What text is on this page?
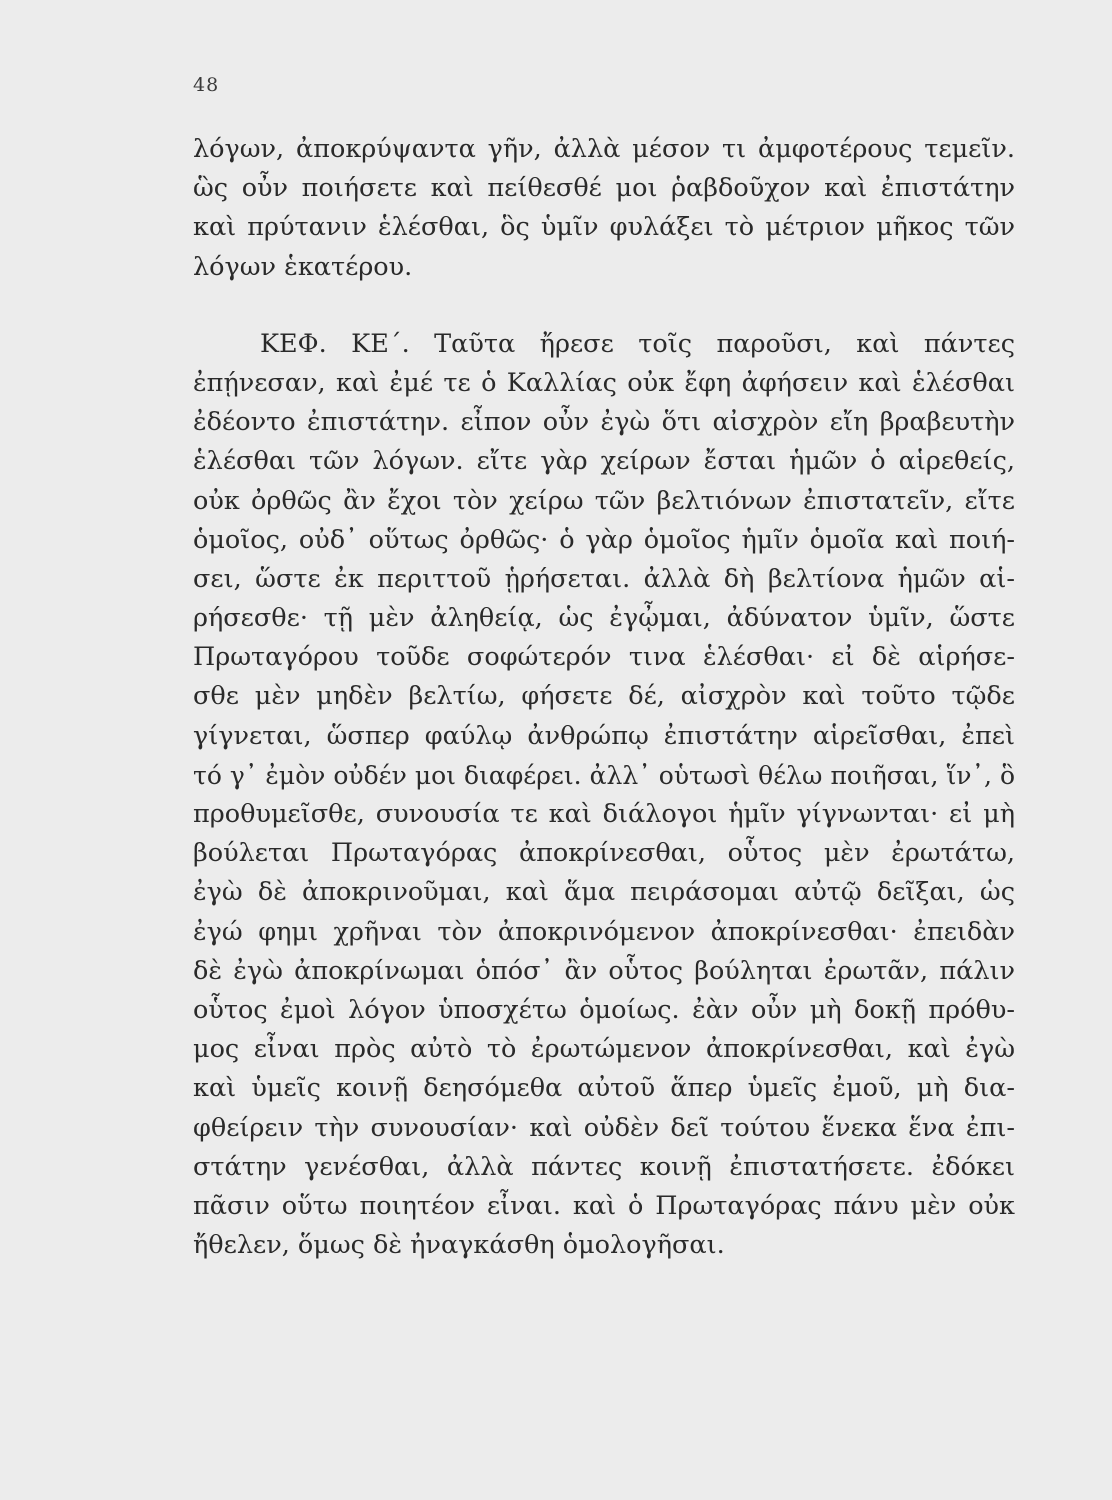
48
λόγων, ἀποκρύψαντα γῆν, ἀλλὰ μέσον τι ἀμφοτέρους τεμεῖν.
ὣς οὖν ποιήσετε καὶ πείθεσθέ μοι ῥαβδοῦχον καὶ ἐπιστάτην
καὶ πρύτανιν ἑλέσθαι, ὃς ὑμῖν φυλάξει τὸ μέτριον μῆκος τῶν
λόγων ἑκατέρου.
ΚΕΦ. ΚΕ΄. Ταῦτα ἤρεσε τοῖς παροῦσι, καὶ πάντες
ἐπῄνεσαν, καὶ ἐμέ τε ὁ Καλλίας οὐκ ἔφη ἀφήσειν καὶ ἑλέσθαι
ἐδέοντο ἐπιστάτην. εἶπον οὖν ἐγὼ ὅτι αἰσχρὸν εἴη βραβευτὴν
ἑλέσθαι τῶν λόγων. εἴτε γὰρ χείρων ἔσται ἡμῶν ὁ αἱρεθείς,
οὐκ ὀρθῶς ἂν ἔχοι τὸν χείρω τῶν βελτιόνων ἐπιστατεῖν, εἴτε
ὁμοῖος, οὐδ᾽ οὕτως ὀρθῶς· ὁ γὰρ ὁμοῖος ἡμῖν ὁμοῖα καὶ ποιή-
σει, ὥστε ἐκ περιττοῦ ᾑρήσεται. ἀλλὰ δὴ βελτίονα ἡμῶν αἱ-
ρήσεσθε· τῇ μὲν ἀληθείᾳ, ὡς ἐγᾦμαι, ἀδύνατον ὑμῖν, ὥστε
Πρωταγόρου τοῦδε σοφώτερόν τινα ἑλέσθαι· εἰ δὲ αἱρήσε-
σθε μὲν μηδὲν βελτίω, φήσετε δέ, αἰσχρὸν καὶ τοῦτο τῷδε
γίγνεται, ὥσπερ φαύλῳ ἀνθρώπῳ ἐπιστάτην αἱρεῖσθαι, ἐπεὶ
τό γ᾽ ἐμὸν οὐδέν μοι διαφέρει. ἀλλ᾽ οὑτωσὶ θέλω ποιῆσαι, ἵν᾽, ὃ
προθυμεῖσθε, συνουσία τε καὶ διάλογοι ἡμῖν γίγνωνται· εἰ μὴ
βούλεται Πρωταγόρας ἀποκρίνεσθαι, οὗτος μὲν ἐρωτάτω,
ἐγὼ δὲ ἀποκρινοῦμαι, καὶ ἅμα πειράσομαι αὐτῷ δεῖξαι, ὡς
ἐγώ φημι χρῆναι τὸν ἀποκρινόμενον ἀποκρίνεσθαι· ἐπειδὰν
δὲ ἐγὼ ἀποκρίνωμαι ὁπόσ᾽ ἂν οὗτος βούληται ἐρωτᾶν, πάλιν
οὗτος ἐμοὶ λόγον ὑποσχέτω ὁμοίως. ἐὰν οὖν μὴ δοκῇ πρόθυ-
μος εἶναι πρὸς αὐτὸ τὸ ἐρωτώμενον ἀποκρίνεσθαι, καὶ ἐγὼ
καὶ ὑμεῖς κοινῇ δεησόμεθα αὐτοῦ ἅπερ ὑμεῖς ἐμοῦ, μὴ δια-
φθείρειν τὴν συνουσίαν· καὶ οὐδὲν δεῖ τούτου ἕνεκα ἕνα ἐπι-
στάτην γενέσθαι, ἀλλὰ πάντες κοινῇ ἐπιστατήσετε. ἐδόκει
πᾶσιν οὕτω ποιητέον εἶναι. καὶ ὁ Πρωταγόρας πάνυ μὲν οὐκ
ἤθελεν, ὅμως δὲ ἠναγκάσθη ὁμολογῆσαι.
